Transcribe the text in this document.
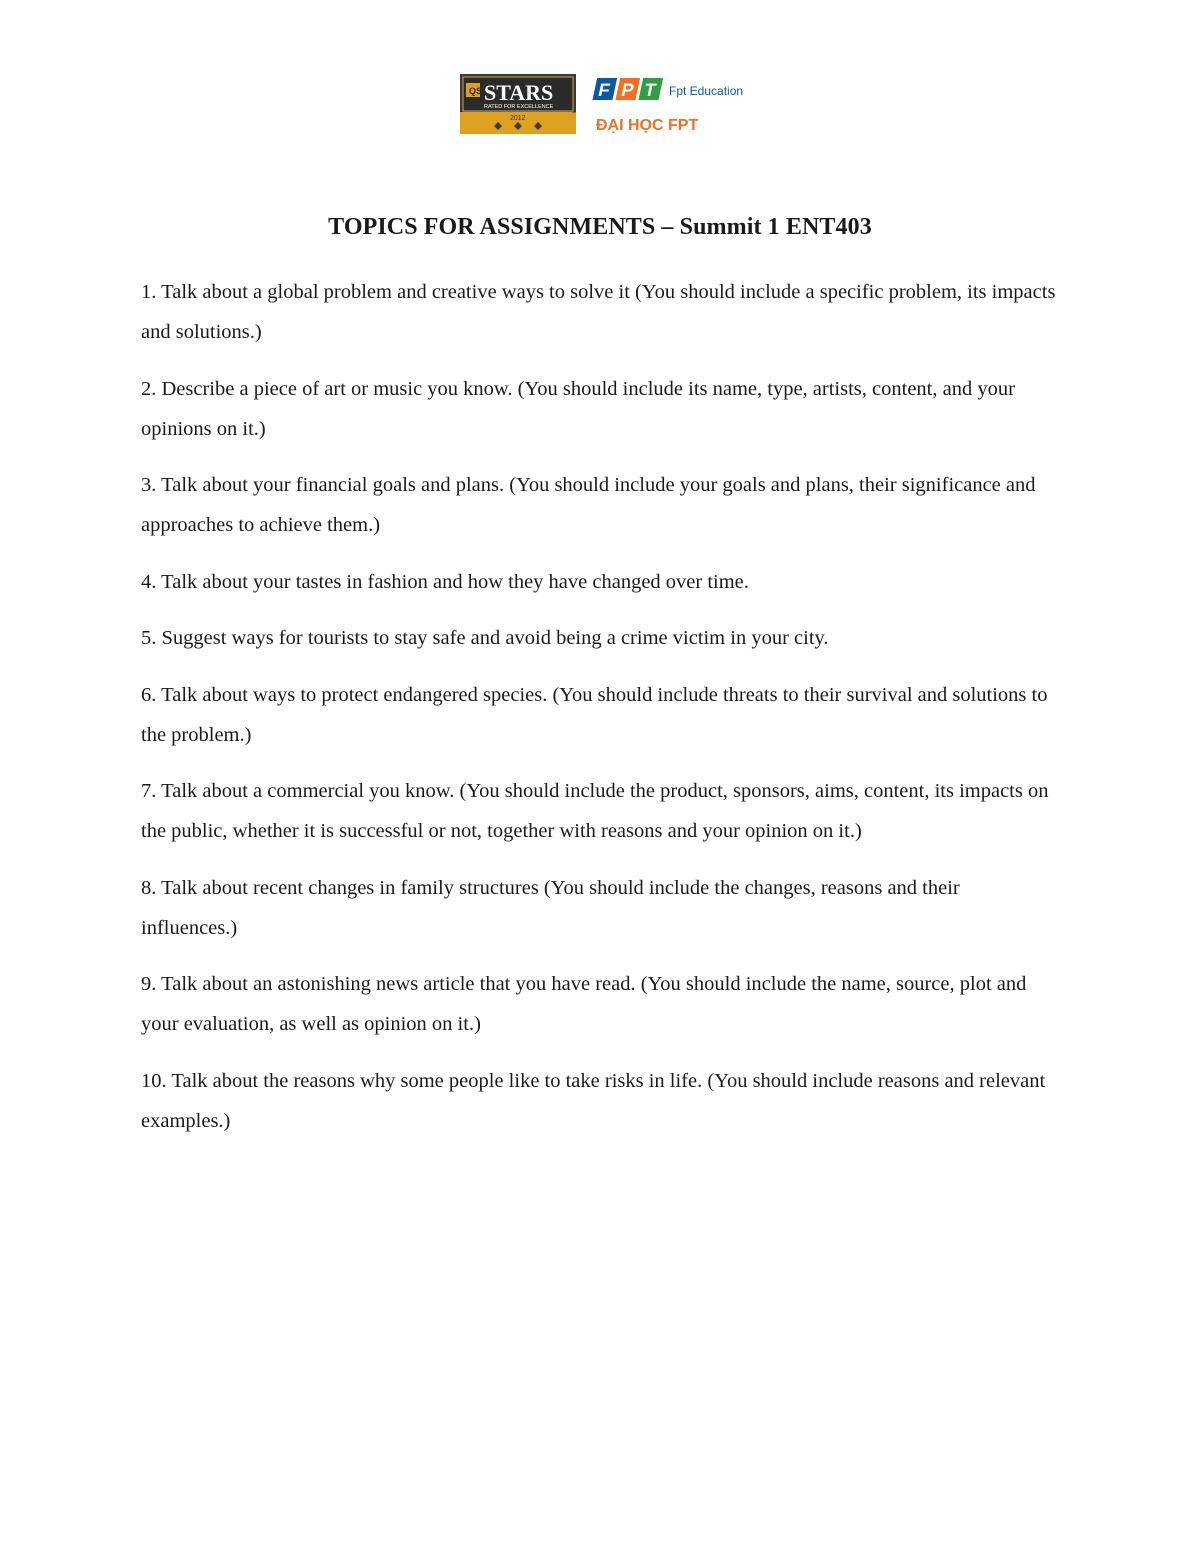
QS STARS
RATED FOR EXCELLENCE
2012
F P T Fpt Education
ĐẠI HỌC FPT
TOPICS FOR ASSIGNMENTS – Summit 1 ENT403
1. Talk about a global problem and creative ways to solve it (You should include a specific problem, its impacts and solutions.)
2. Describe a piece of art or music you know. (You should include its name, type, artists, content, and your opinions on it.)
3. Talk about your financial goals and plans. (You should include your goals and plans, their significance and approaches to achieve them.)
4. Talk about your tastes in fashion and how they have changed over time.
5. Suggest ways for tourists to stay safe and avoid being a crime victim in your city.
6. Talk about ways to protect endangered species. (You should include threats to their survival and solutions to the problem.)
7. Talk about a commercial you know. (You should include the product, sponsors, aims, content, its impacts on the public, whether it is successful or not, together with reasons and your opinion on it.)
8. Talk about recent changes in family structures (You should include the changes, reasons and their influences.)
9. Talk about an astonishing news article that you have read. (You should include the name, source, plot and your evaluation, as well as opinion on it.)
10. Talk about the reasons why some people like to take risks in life. (You should include reasons and relevant examples.)
